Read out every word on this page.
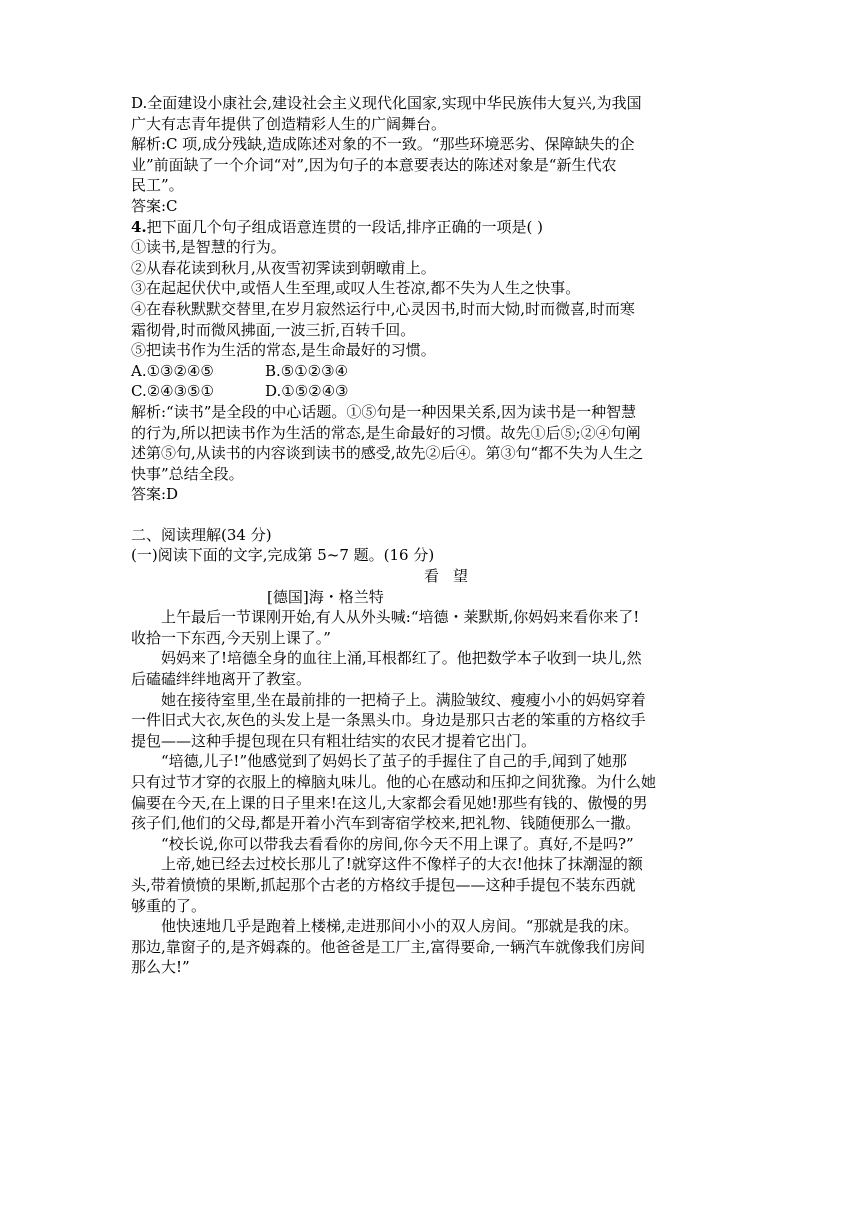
D.全面建设小康社会,建设社会主义现代化国家,实现中华民族伟大复兴,为我国
广大有志青年提供了创造精彩人生的广阔舞台。
解析:C 项,成分残缺,造成陈述对象的不一致。“那些环境恶劣、保障缺失的企
业”前面缺了一个介词“对”,因为句子的本意要表达的陈述对象是“新生代农
民工”。
答案:C
4.把下面几个句子组成语意连贯的一段话,排序正确的一项是( )
①读书,是智慧的行为。
②从春花读到秋月,从夜雪初霁读到朝暾甫上。
③在起起伏伏中,或悟人生至理,或叹人生苍凉,都不失为人生之快事。
④在春秋默默交替里,在岁月寂然运行中,心灵因书,时而大恸,时而微喜,时而寒
霜彻骨,时而微风拂面,一波三折,百转千回。
⑤把读书作为生活的常态,是生命最好的习惯。
A.①③②④⑤	B.⑤①②③④
C.②④③⑤①	D.①⑤②④③
解析:“读书”是全段的中心话题。①⑤句是一种因果关系,因为读书是一种智慧
的行为,所以把读书作为生活的常态,是生命最好的习惯。故先①后⑤;②④句阐
述第⑤句,从读书的内容谈到读书的感受,故先②后④。第③句“都不失为人生之
快事”总结全段。
答案:D
二、阅读理解(34 分)
(一)阅读下面的文字,完成第 5~7 题。(16 分)
看望
[德国]海・格兰特
上午最后一节课刚开始,有人从外头喊:“培德・莱默斯,你妈妈来看你来了!
收拾一下东西,今天别上课了。”
妈妈来了!培德全身的血往上涌,耳根都红了。他把数学本子收到一块儿,然
后磕磕绊绊地离开了教室。
她在接待室里,坐在最前排的一把椅子上。满脸皱纹、瘦瘦小小的妈妈穿着
一件旧式大衣,灰色的头发上是一条黑头巾。身边是那只古老的笨重的方格纹手
提包——这种手提包现在只有粗壮结实的农民才提着它出门。
“培德,儿子!”他感觉到了妈妈长了茧子的手握住了自己的手,闻到了她那
只有过节才穿的衣服上的樟脑丸味儿。他的心在感动和压抑之间犹豫。为什么她
偏要在今天,在上课的日子里来!在这儿,大家都会看见她!那些有钱的、傲慢的男
孩子们,他们的父母,都是开着小汽车到寄宿学校来,把礼物、钱随便那么一撒。
“校长说,你可以带我去看看你的房间,你今天不用上课了。真好,不是吗?”
上帝,她已经去过校长那儿了!就穿这件不像样子的大衣!他抹了抹潮湿的额
头,带着愤愤的果断,抓起那个古老的方格纹手提包——这种手提包不装东西就
够重的了。
他快速地几乎是跑着上楼梯,走进那间小小的双人房间。“那就是我的床。
那边,靠窗子的,是齐姆森的。他爸爸是工厂主,富得要命,一辆汽车就像我们房间
那么大!”
